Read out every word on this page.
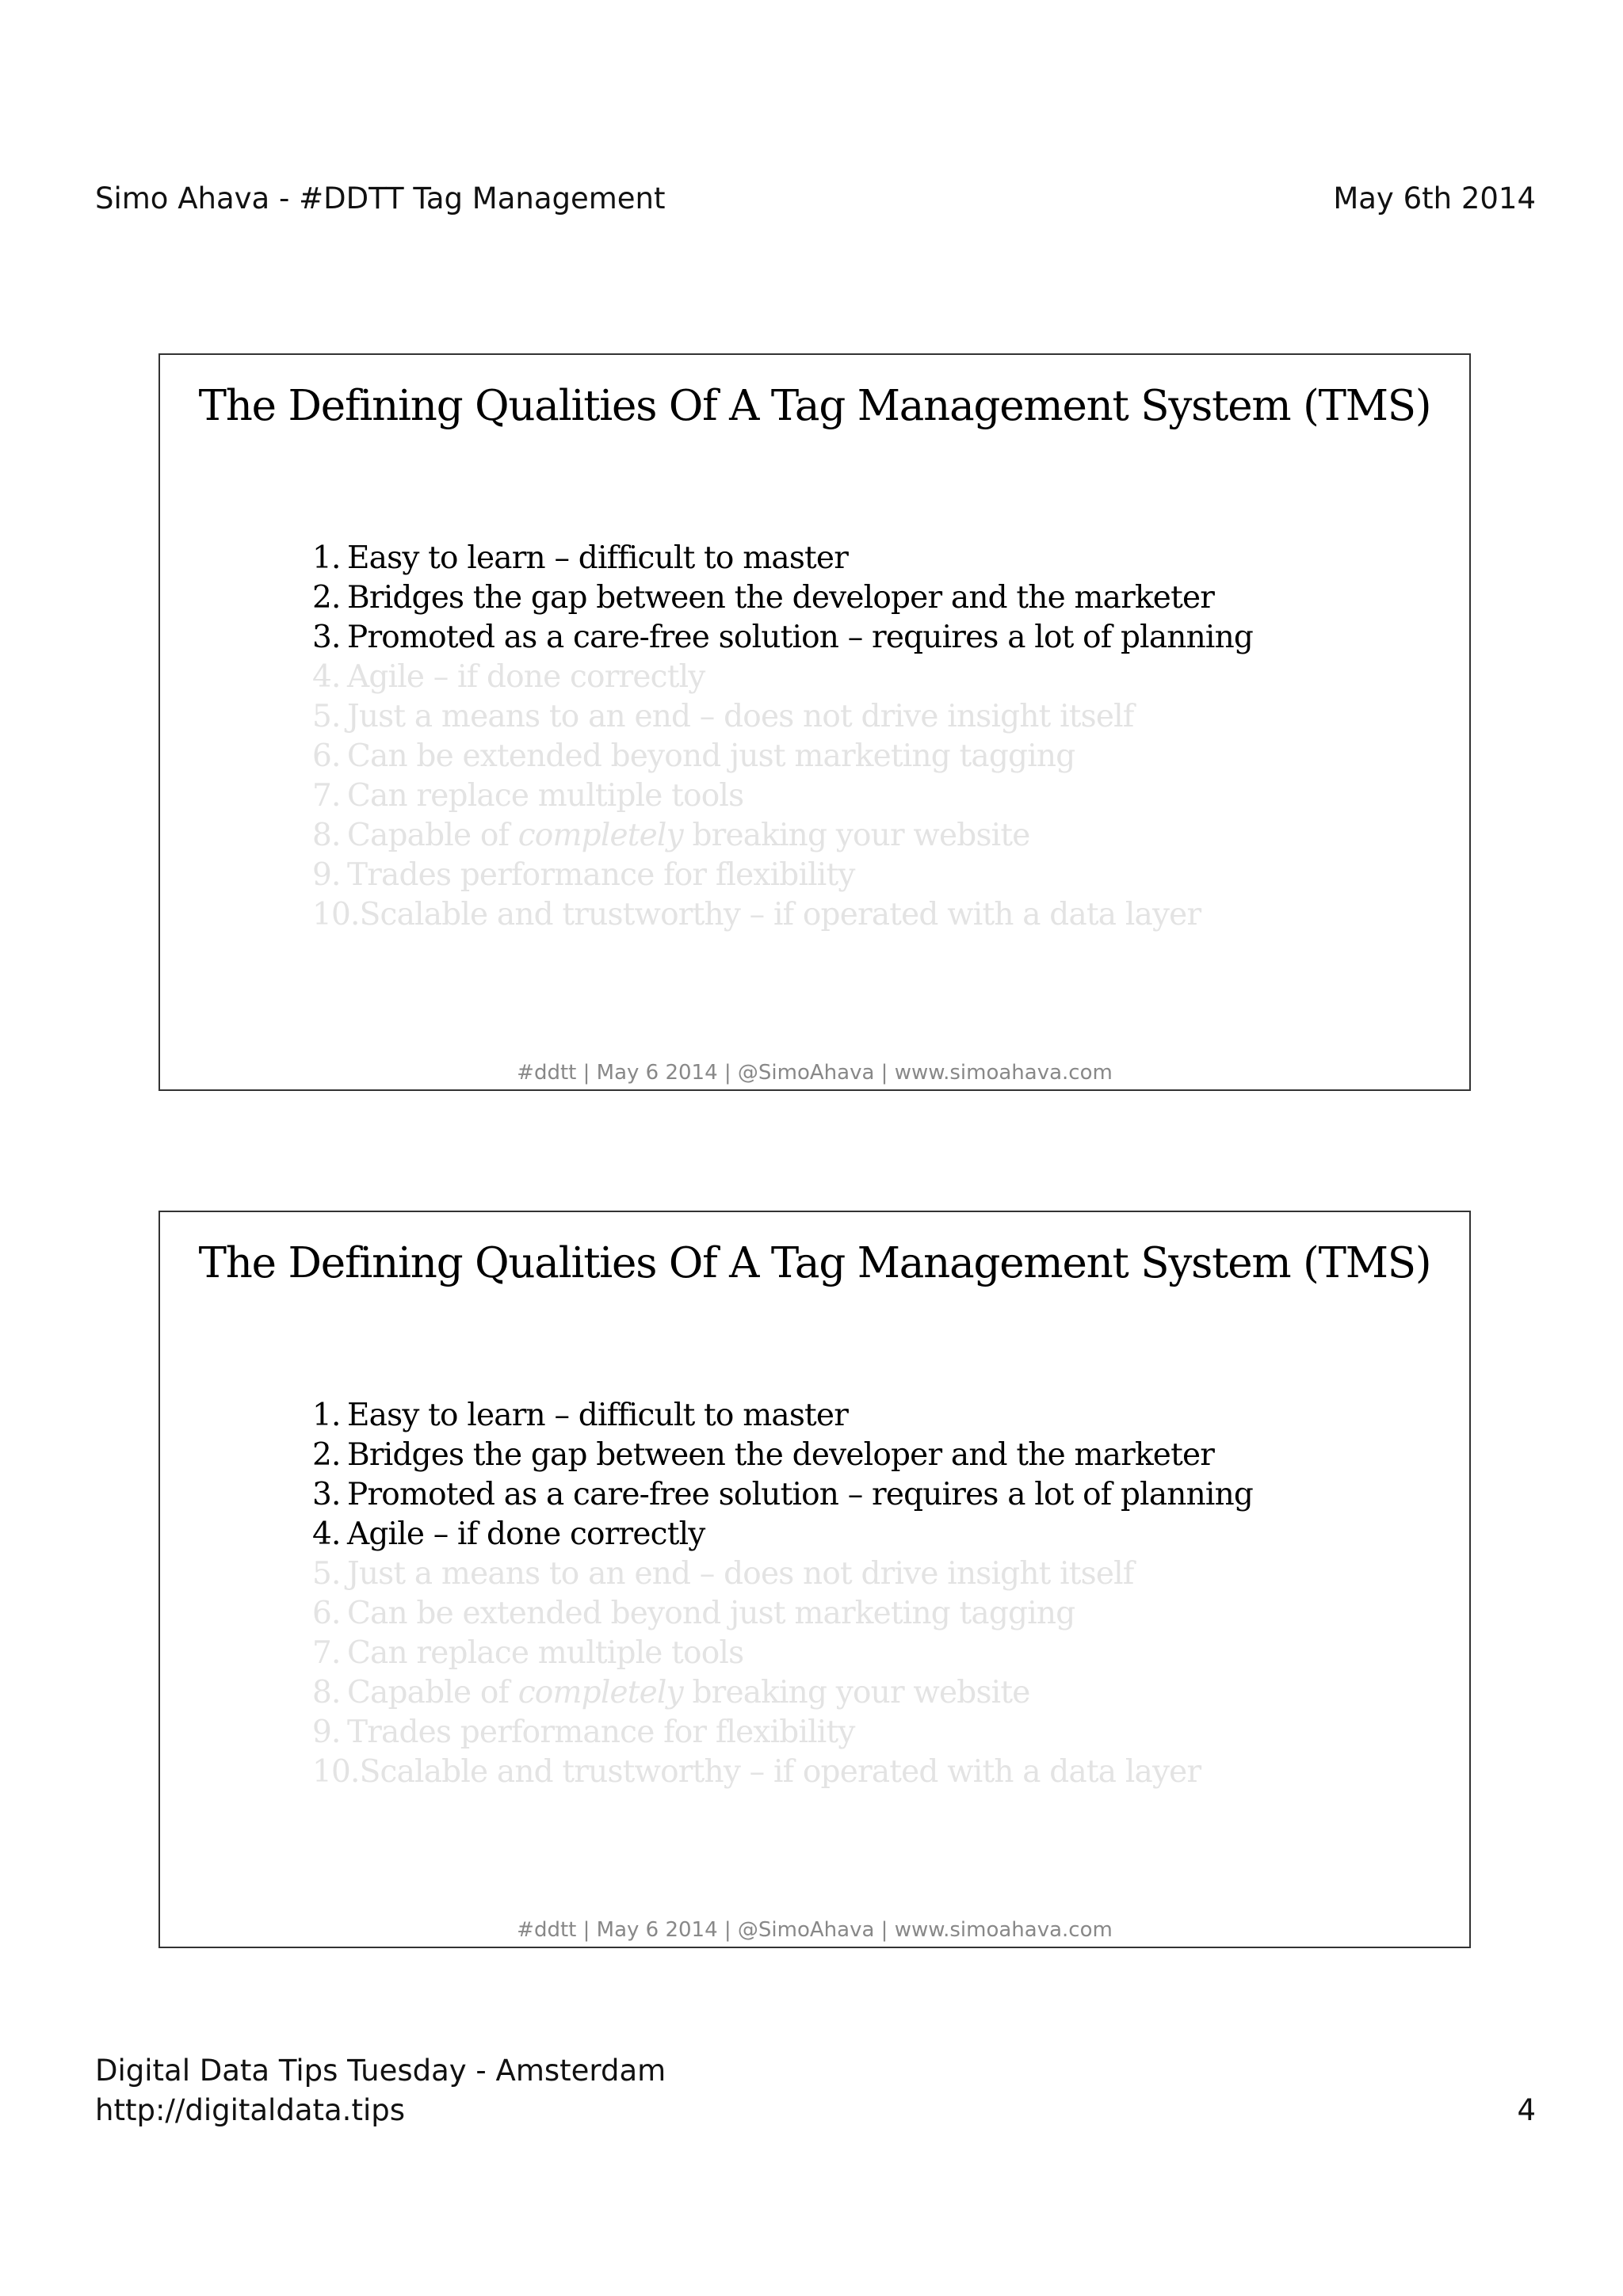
Simo Ahava - #DDTT Tag Management	May 6th 2014
The Defining Qualities Of A Tag Management System (TMS)
1. Easy to learn – difficult to master
2. Bridges the gap between the developer and the marketer
3. Promoted as a care-free solution – requires a lot of planning
4. Agile – if done correctly
5. Just a means to an end – does not drive insight itself
6. Can be extended beyond just marketing tagging
7. Can replace multiple tools
8. Capable of completely breaking your website
9. Trades performance for flexibility
10.Scalable and trustworthy – if operated with a data layer
#ddtt | May 6 2014 | @SimoAhava | www.simoahava.com
The Defining Qualities Of A Tag Management System (TMS)
1. Easy to learn – difficult to master
2. Bridges the gap between the developer and the marketer
3. Promoted as a care-free solution – requires a lot of planning
4. Agile – if done correctly
5. Just a means to an end – does not drive insight itself
6. Can be extended beyond just marketing tagging
7. Can replace multiple tools
8. Capable of completely breaking your website
9. Trades performance for flexibility
10.Scalable and trustworthy – if operated with a data layer
#ddtt | May 6 2014 | @SimoAhava | www.simoahava.com
Digital Data Tips Tuesday - Amsterdam
http://digitaldata.tips	4
